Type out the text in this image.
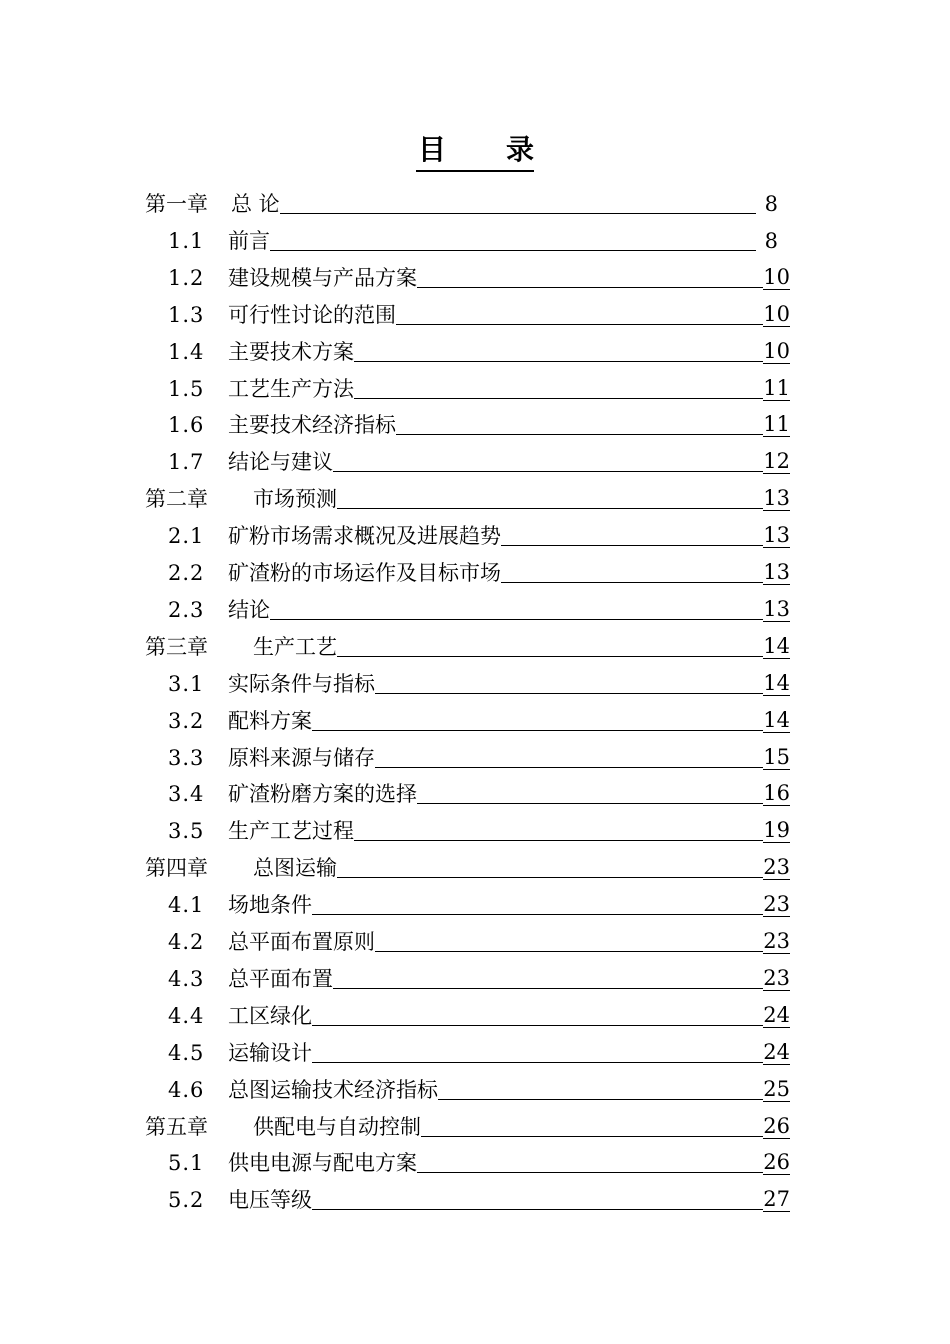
目录
第一章	总 论	8
1.1	前言	8
1.2	建设规模与产品方案	10
1.3	可行性讨论的范围	10
1.4	主要技术方案	10
1.5	工艺生产方法	11
1.6	主要技术经济指标	11
1.7	结论与建议	12
第二章	市场预测	13
2.1	矿粉市场需求概况及进展趋势	13
2.2	矿渣粉的市场运作及目标市场	13
2.3	结论	13
第三章	生产工艺	14
3.1	实际条件与指标	14
3.2	配料方案	14
3.3	原料来源与储存	15
3.4	矿渣粉磨方案的选择	16
3.5	生产工艺过程	19
第四章	总图运输	23
4.1	场地条件	23
4.2	总平面布置原则	23
4.3	总平面布置	23
4.4	工区绿化	24
4.5	运输设计	24
4.6	总图运输技术经济指标	25
第五章	供配电与自动控制	26
5.1	供电电源与配电方案	26
5.2	电压等级	27
